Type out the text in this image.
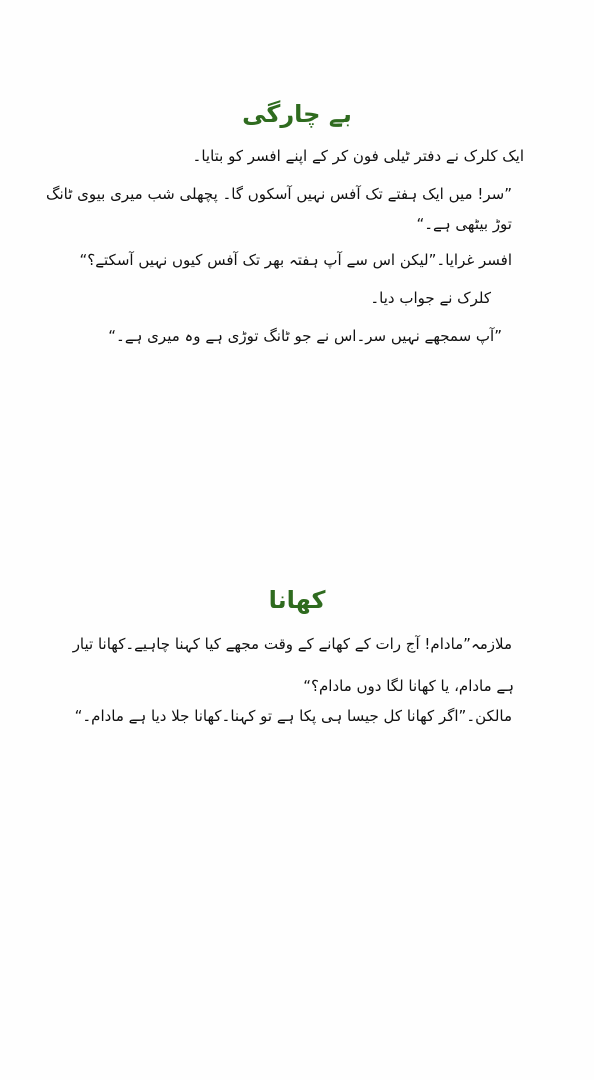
بے چارگی

ایک کلرک نے دفتر ٹیلی فون کر کے اپنے افسر کو بتایا۔

”سر! میں ایک ہفتے تک آفس نہیں آسکوں گا۔ پچھلی شب میری بیوی ٹانگ

توڑ بیٹھی ہے۔“

افسر غرایا۔”لیکن اس سے آپ ہفتہ بھر تک آفس کیوں نہیں آسکتے؟“

کلرک نے جواب دیا۔

”آپ سمجھے نہیں سر۔اس نے جو ٹانگ توڑی ہے وہ میری ہے۔“

کھانا

ملازمہ”مادام! آج رات کے کھانے کے وقت مجھے کیا کہنا چاہیے۔کھانا تیار

ہے مادام، یا کھانا لگا دوں مادام؟“

مالکن۔”اگر کھانا کل جیسا ہی پکا ہے تو کہنا۔کھانا جلا دیا ہے مادام۔“
